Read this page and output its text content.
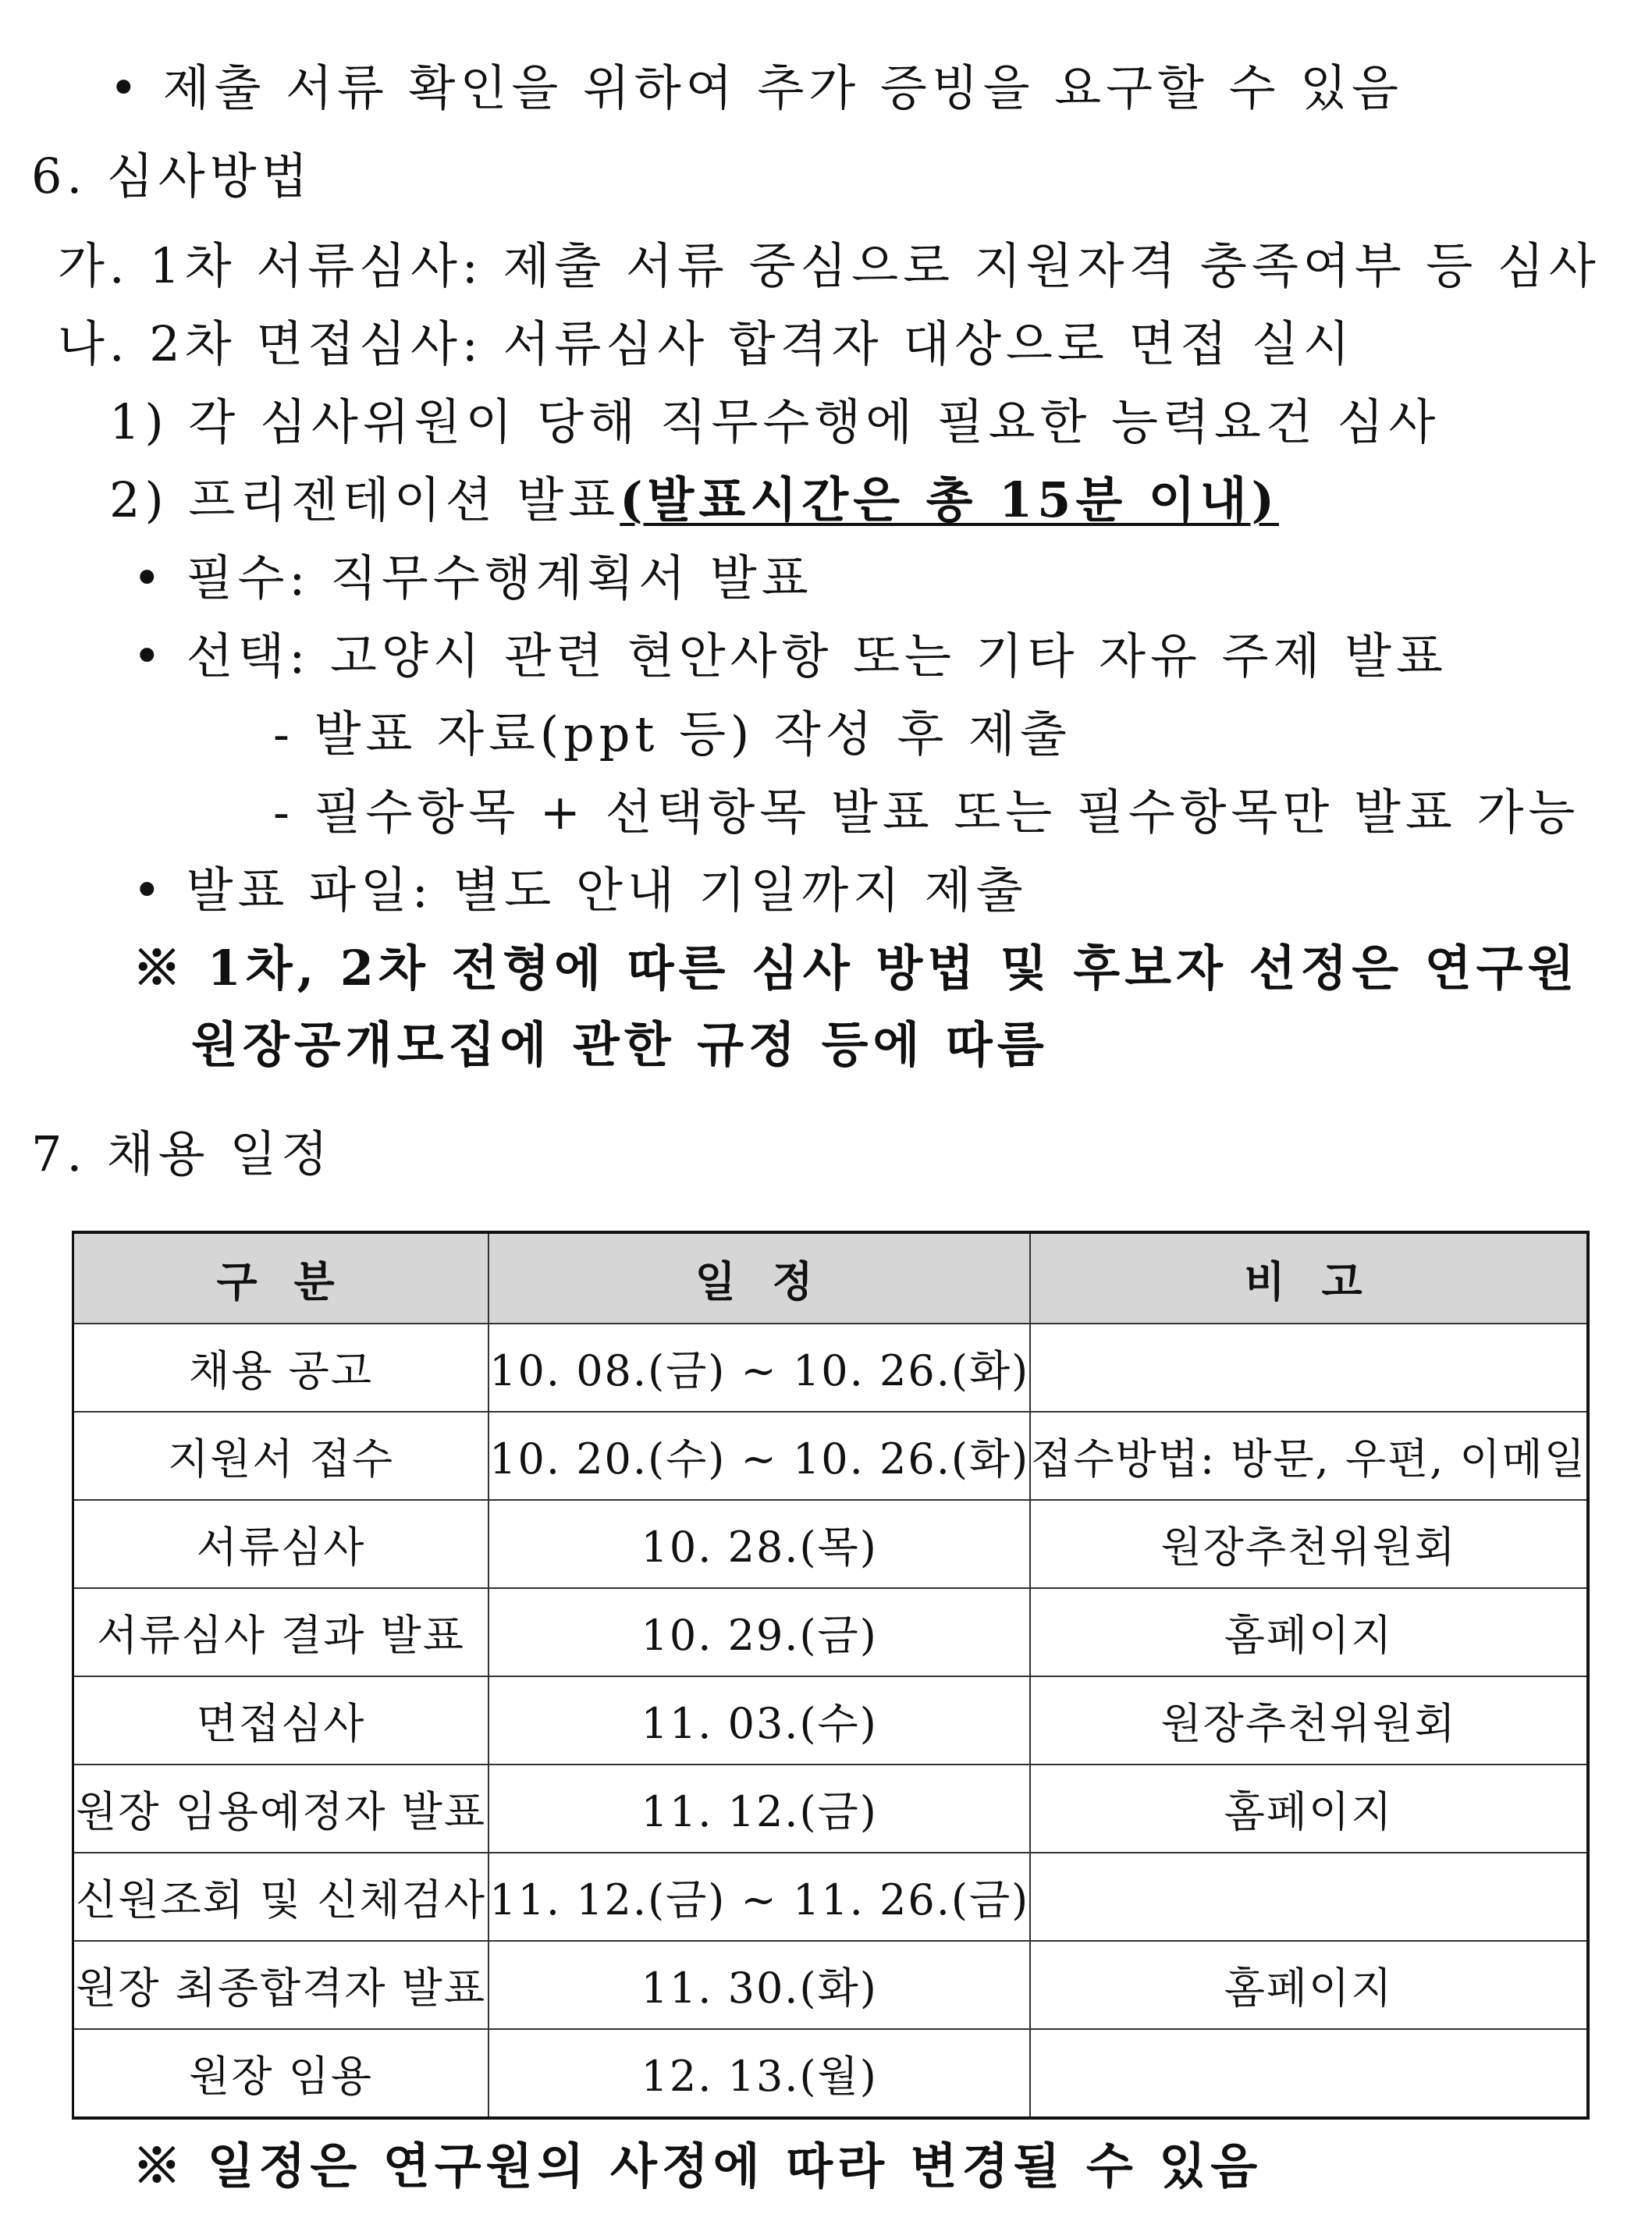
• 제출 서류 확인을 위하여 추가 증빙을 요구할 수 있음
6. 심사방법
가. 1차 서류심사: 제출 서류 중심으로 지원자격 충족여부 등 심사
나. 2차 면접심사: 서류심사 합격자 대상으로 면접 실시
1) 각 심사위원이 당해 직무수행에 필요한 능력요건 심사
2) 프리젠테이션 발표(발표시간은 총 15분 이내)
• 필수: 직무수행계획서 발표
• 선택: 고양시 관련 현안사항 또는 기타 자유 주제 발표
- 발표 자료(ppt 등) 작성 후 제출
- 필수항목 + 선택항목 발표 또는 필수항목만 발표 가능
• 발표 파일: 별도 안내 기일까지 제출
※ 1차, 2차 전형에 따른 심사 방법 및 후보자 선정은 연구원
원장공개모집에 관한 규정 등에 따름
7. 채용 일정
구 분	일 정	비 고
채용 공고	10. 08.(금) ~ 10. 26.(화)	
지원서 접수	10. 20.(수) ~ 10. 26.(화)	접수방법: 방문, 우편, 이메일
서류심사	10. 28.(목)	원장추천위원회
서류심사 결과 발표	10. 29.(금)	홈페이지
면접심사	11. 03.(수)	원장추천위원회
원장 임용예정자 발표	11. 12.(금)	홈페이지
신원조회 및 신체검사	11. 12.(금) ~ 11. 26.(금)	
원장 최종합격자 발표	11. 30.(화)	홈페이지
원장 임용	12. 13.(월)	
※ 일정은 연구원의 사정에 따라 변경될 수 있음
